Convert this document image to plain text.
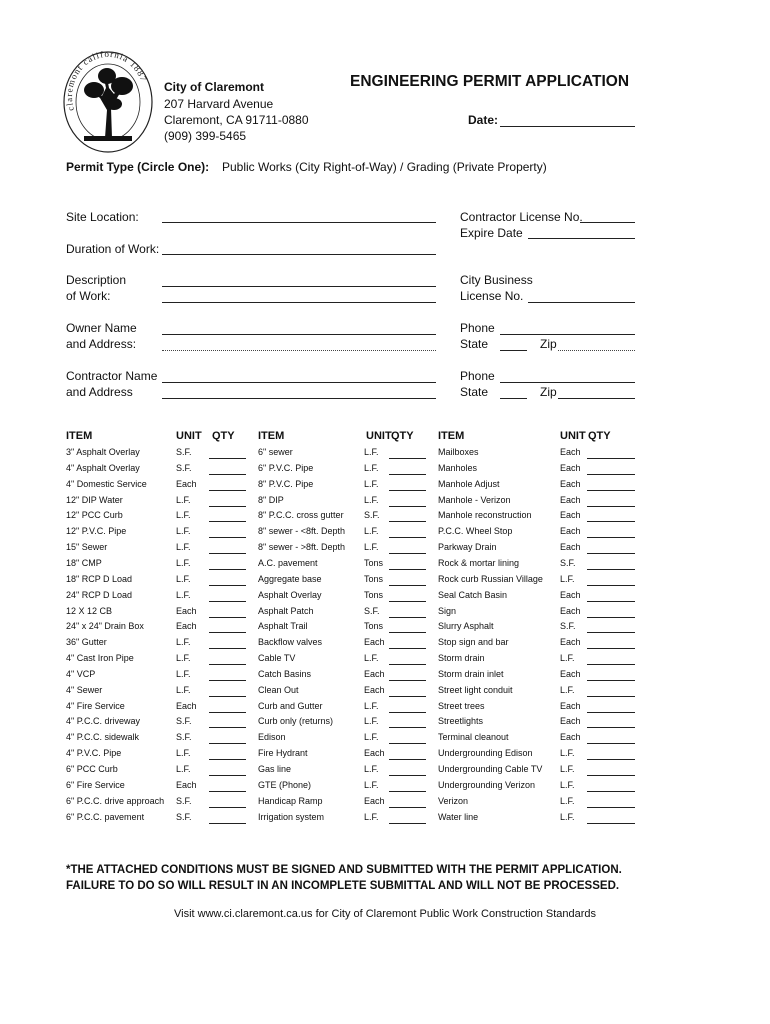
claremont california 1887
City of Claremont
207 Harvard Avenue
Claremont, CA 91711-0880
(909) 399-5465
ENGINEERING PERMIT APPLICATION
Date:
Permit Type (Circle One): Public Works (City Right-of-Way) / Grading (Private Property)
Site Location:
Duration of Work:
Description
of Work:
Owner Name
and Address:
Contractor Name
and Address
Contractor License No.
Expire Date
City Business
License No.
Phone
State	Zip
Phone
State	Zip
ITEM	UNIT QTY ITEM	UNIT QTY ITEM	UNIT QTY
3" Asphalt Overlay	S.F.	6" sewer	L.F.	Mailboxes	Each
4" Asphalt Overlay	S.F.	6" P.V.C. Pipe	L.F.	Manholes	Each
4" Domestic Service	Each	8" P.V.C. Pipe	L.F.	Manhole Adjust	Each
12" DIP Water	L.F.	8" DIP	L.F.	Manhole - Verizon	Each
12" PCC Curb	L.F.	8" P.C.C. cross gutter S.F.	Manhole reconstruction	Each
12" P.V.C. Pipe	L.F.	8" sewer - <8ft. Depth L.F.	P.C.C. Wheel Stop	Each
15" Sewer	L.F.	8" sewer - >8ft. Depth L.F.	Parkway Drain	Each
18" CMP	L.F.	A.C. pavement	Tons	Rock & mortar lining	S.F.
18" RCP D Load	L.F.	Aggregate base	Tons	Rock curb Russian Village L.F.
24" RCP D Load	L.F.	Asphalt Overlay	Tons	Seal Catch Basin	Each
12 X 12 CB	Each	Asphalt Patch	S.F.	Sign	Each
24" x 24" Drain Box	Each	Asphalt Trail	Tons	Slurry Asphalt	S.F.
36" Gutter	L.F.	Backflow valves	Each	Stop sign and bar	Each
4" Cast Iron Pipe	L.F.	Cable TV	L.F.	Storm drain	L.F.
4" VCP	L.F.	Catch Basins	Each	Storm drain inlet	Each
4" Sewer	L.F.	Clean Out	Each	Street light conduit	L.F.
4" Fire Service	Each	Curb and Gutter	L.F.	Street trees	Each
4" P.C.C. driveway	S.F.	Curb only (returns)	L.F.	Streetlights	Each
4" P.C.C. sidewalk	S.F.	Edison	L.F.	Terminal cleanout	Each
4" P.V.C. Pipe	L.F.	Fire Hydrant	Each	Undergrounding Edison	L.F.
6" PCC Curb	L.F.	Gas line	L.F.	Undergrounding Cable TV L.F.
6" Fire Service	Each	GTE (Phone)	L.F.	Undergrounding Verizon	L.F.
6" P.C.C. drive approach S.F.	Handicap Ramp	Each	Verizon	L.F.
6" P.C.C. pavement	S.F.	Irrigation system	L.F.	Water line	L.F.
*THE ATTACHED CONDITIONS MUST BE SIGNED AND SUBMITTED WITH THE PERMIT APPLICATION.
FAILURE TO DO SO WILL RESULT IN AN INCOMPLETE SUBMITTAL AND WILL NOT BE PROCESSED.
Visit www.ci.claremont.ca.us for City of Claremont Public Work Construction Standards
